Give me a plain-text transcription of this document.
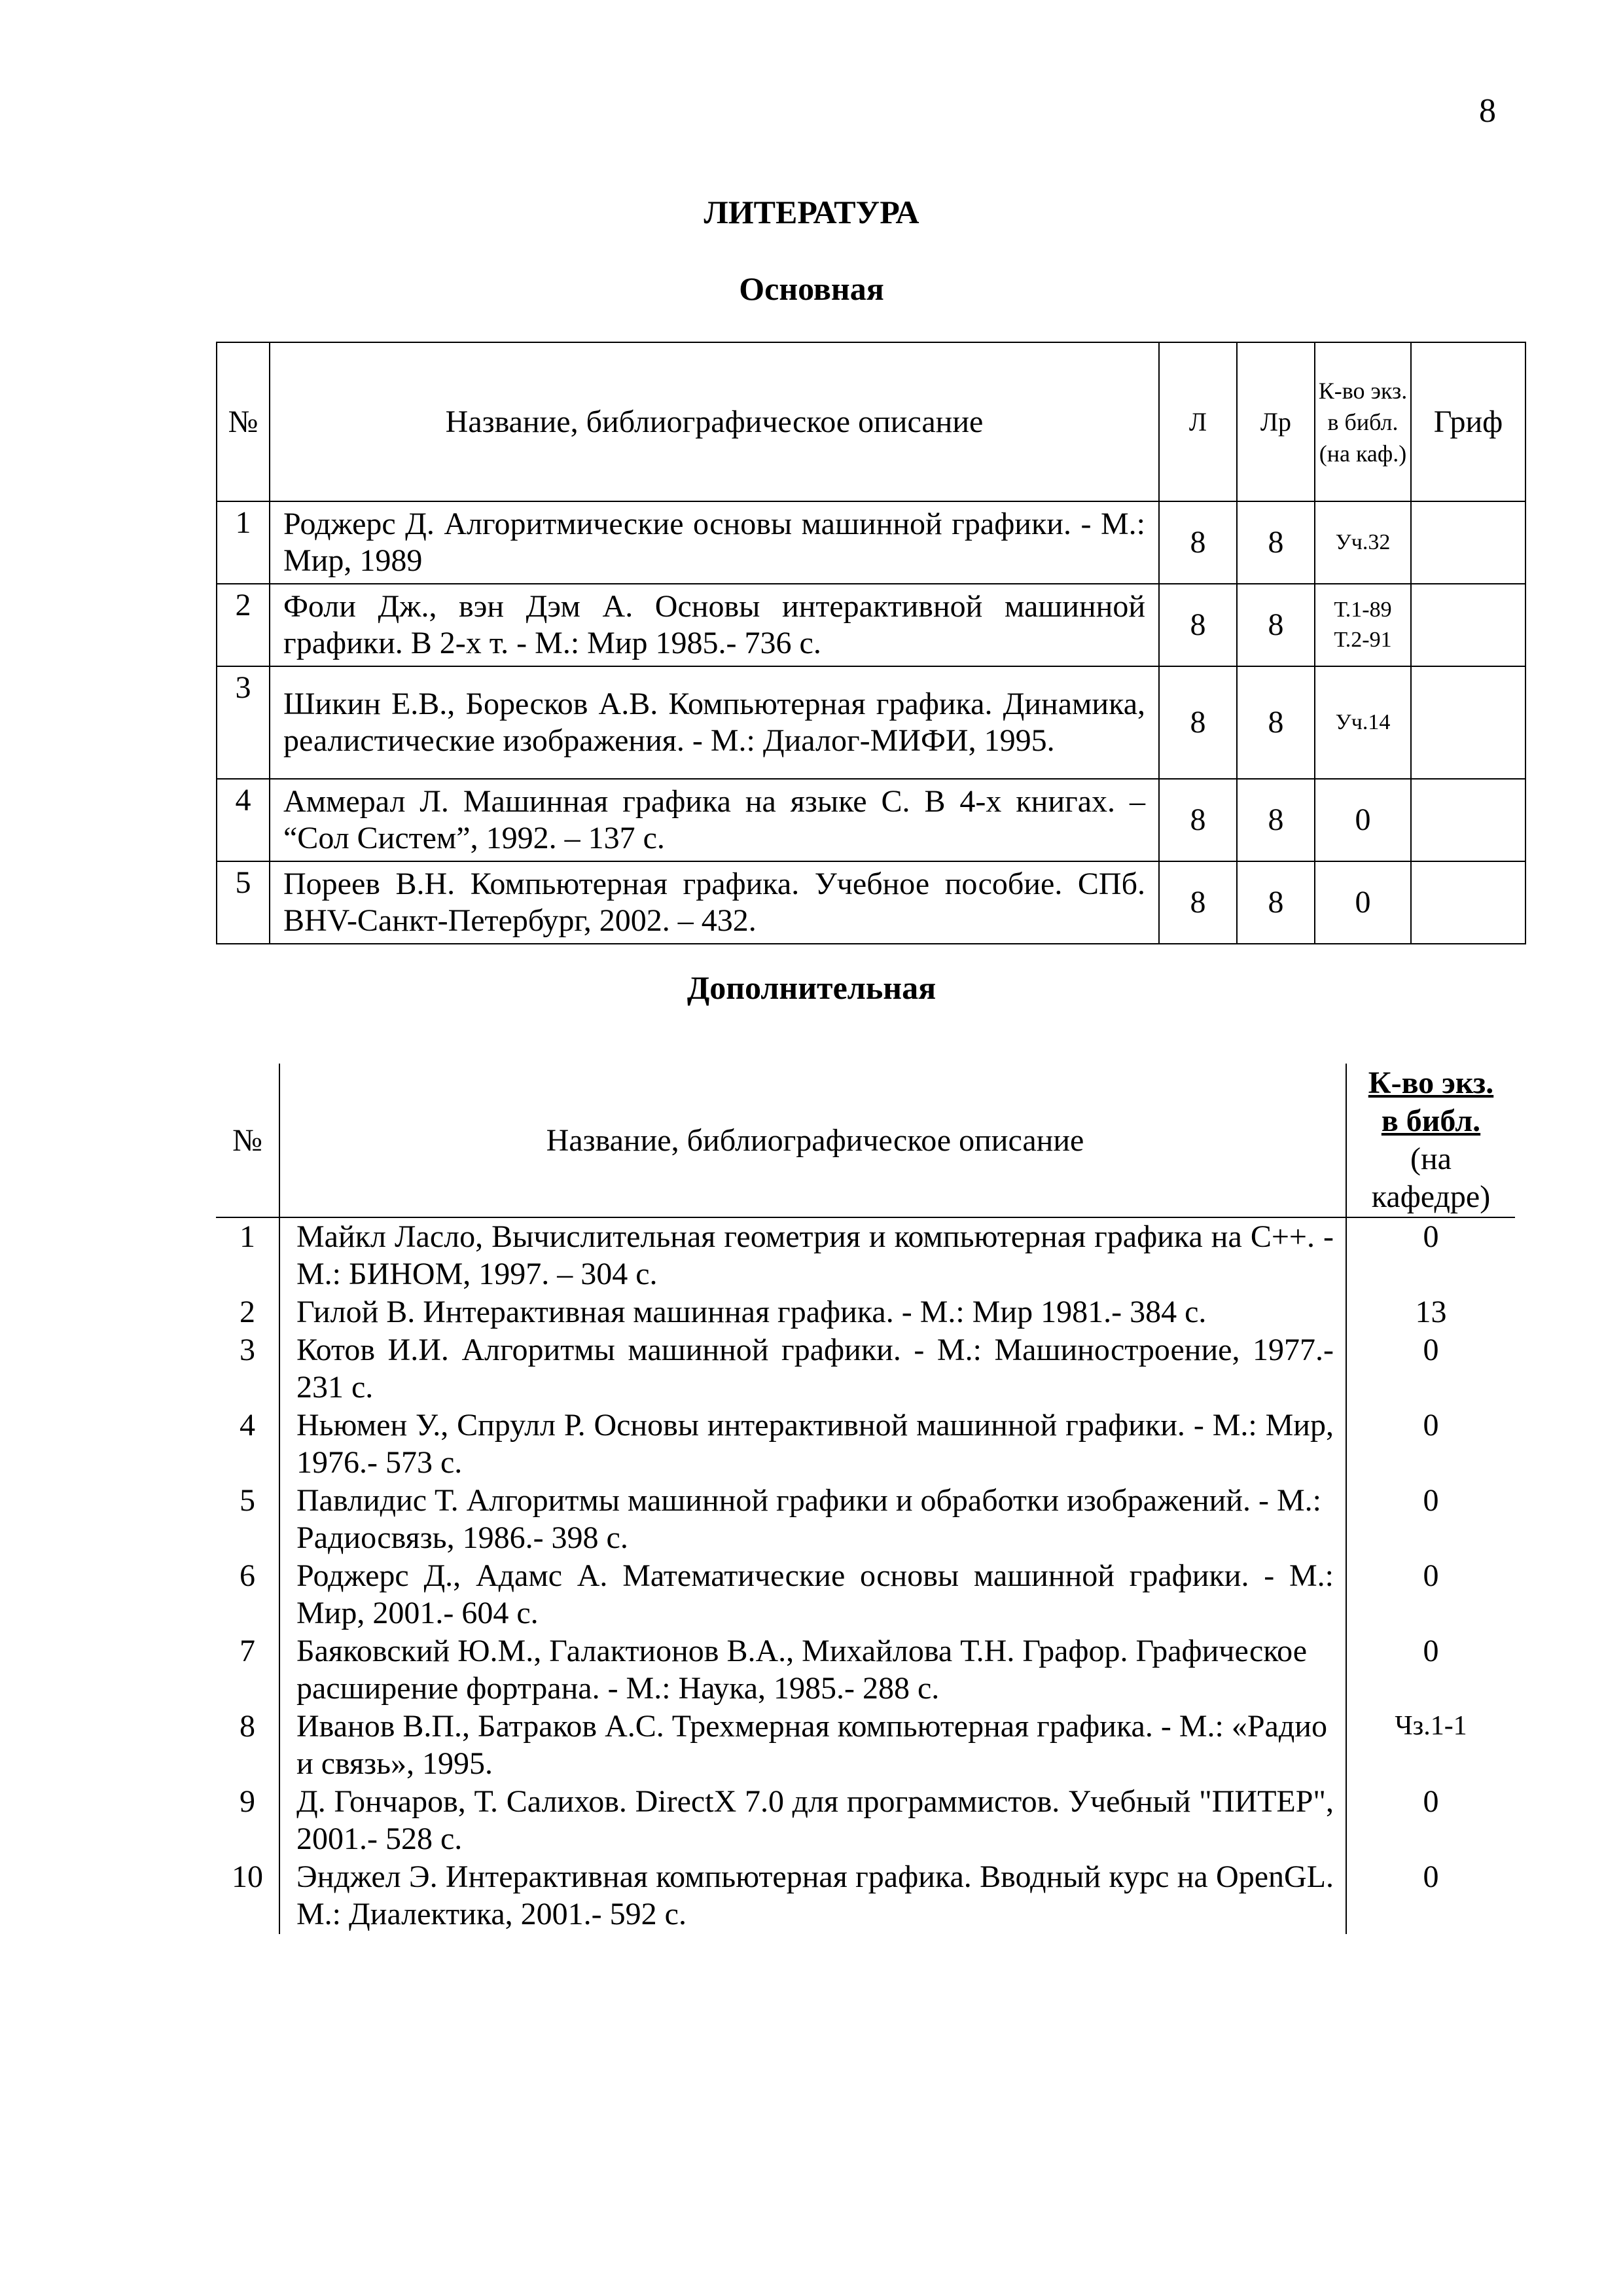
8
ЛИТЕРАТУРА
Основная
№	Название, библиографическое описание	Л	Лр	К-во экз. в библ. (на каф.)	Гриф
1	Роджерс Д. Алгоритмические основы машинной графики. - М.: Мир, 1989	8	8	Уч.32	
2	Фоли Дж., вэн Дэм А. Основы интерактивной машинной графики. В 2-х т. - М.: Мир 1985.- 736 с.	8	8	Т.1-89 Т.2-91	
3	Шикин Е.В., Боресков А.В. Компьютерная графика. Динамика, реалистические изображения. - М.: Диалог-МИФИ, 1995.	8	8	Уч.14	
4	Аммерал Л. Машинная графика на языке С. В 4-х книгах. – “Сол Систем”, 1992. – 137 с.	8	8	0	
5	Пореев В.Н. Компьютерная графика. Учебное пособие. СПб. BHV-Санкт-Петербург, 2002. – 432.	8	8	0	
Дополнительная
№	Название, библиографическое описание	К-во экз.
в библ.
(на
кафедре)

1	Майкл Ласло, Вычислительная геометрия и компьютерная графика на С++. - М.: БИНОМ, 1997. – 304 с.	0
2	Гилой В. Интерактивная машинная графика. - М.: Мир 1981.- 384 с.	13
3	Котов И.И. Алгоритмы машинной графики. - М.: Машиностроение, 1977.- 231 с.	0
4	Ньюмен У., Спрулл Р. Основы интерактивной машинной графики. - М.: Мир, 1976.- 573 с.	0
5	Павлидис Т. Алгоритмы машинной графики и обработки изображений. - М.: Радиосвязь, 1986.- 398 с.	0
6	Роджерс Д., Адамс А. Математические основы машинной графики. - М.: Мир, 2001.- 604 с.	0
7	Баяковский Ю.М., Галактионов В.А., Михайлова Т.Н. Графор. Графическое расширение фортрана. - М.: Наука, 1985.- 288 с.	0
8	Иванов В.П., Батраков А.С. Трехмерная компьютерная графика. - М.: «Радио и связь», 1995.	Чз.1-1
9	Д. Гончаров, Т. Салихов. DirectX 7.0 для программистов. Учебный "ПИТЕР", 2001.- 528 с.	0
10	Энджел Э. Интерактивная компьютерная графика. Вводный курс на OpenGL. М.: Диалектика, 2001.- 592 с.	0
